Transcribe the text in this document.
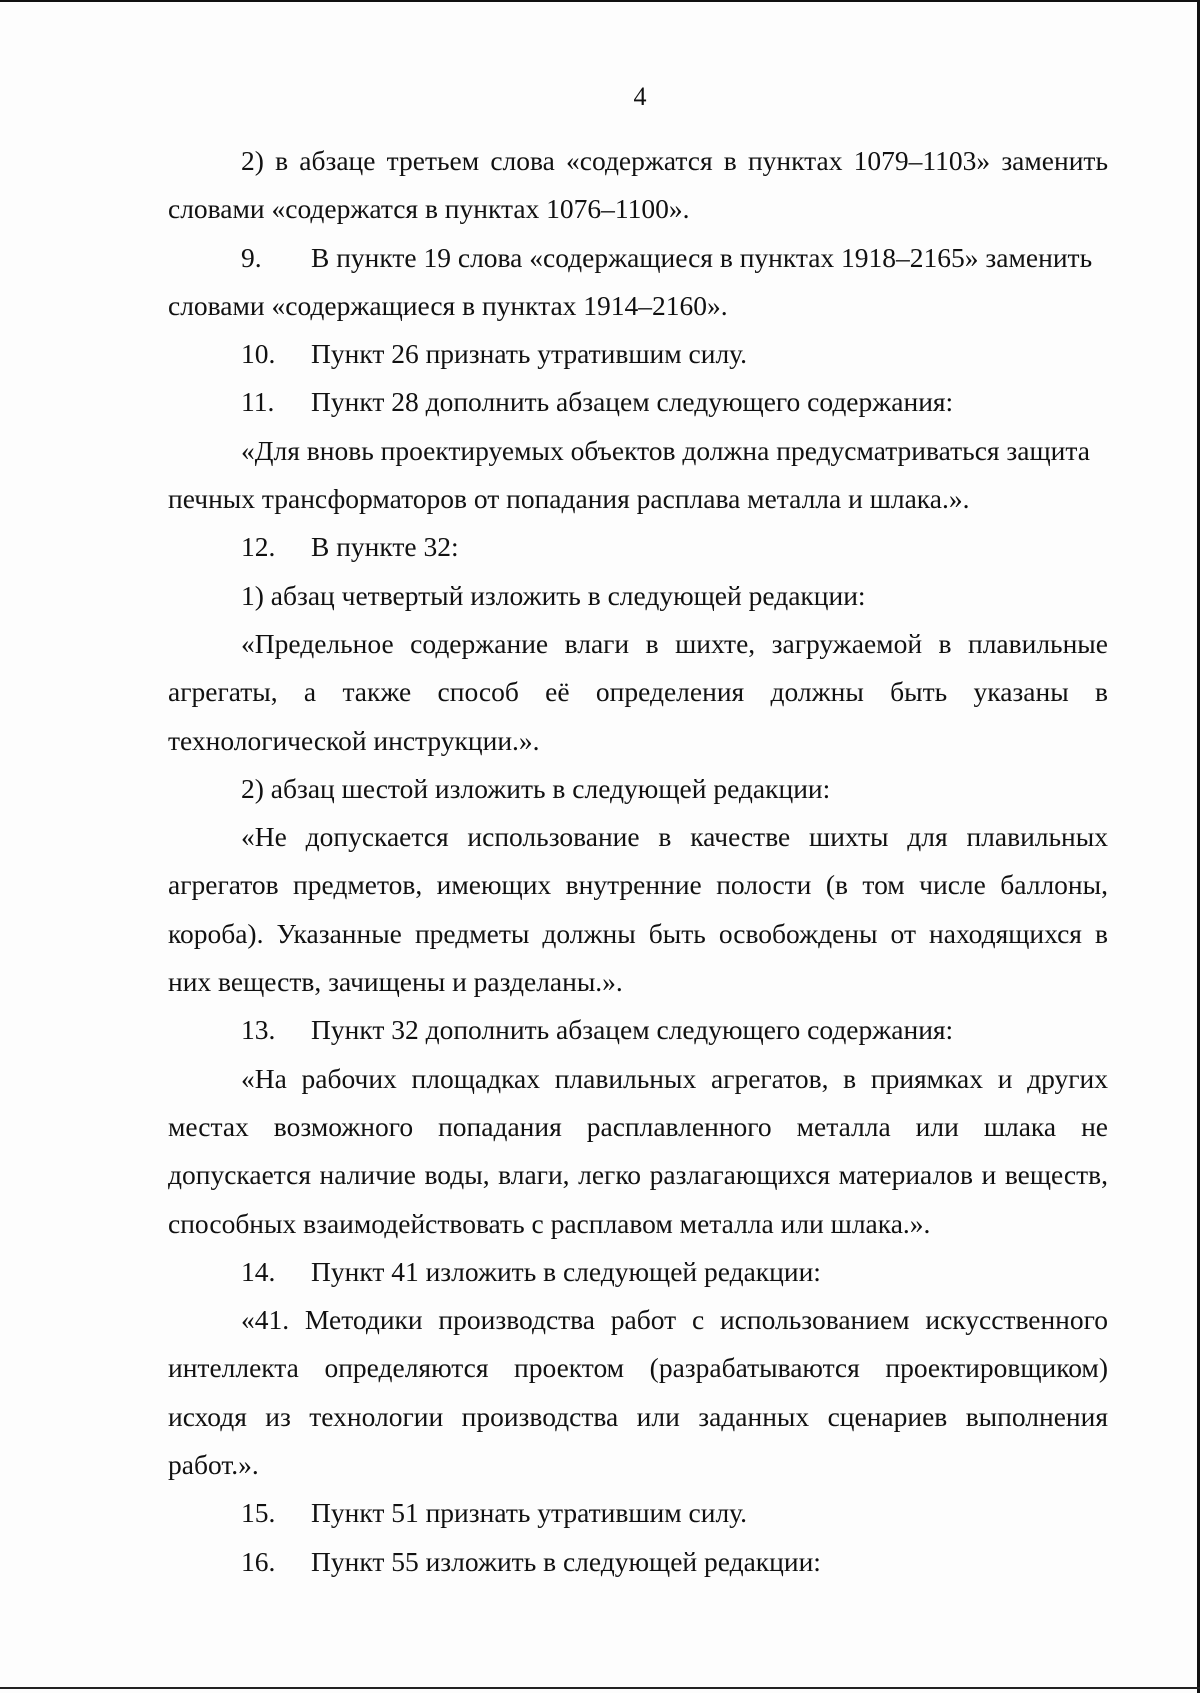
4

2) в абзаце третьем слова «содержатся в пунктах 1079–1103» заменить словами «содержатся в пунктах 1076–1100».

9.	В пункте 19 слова «содержащиеся в пунктах 1918–2165» заменить

словами «содержащиеся в пунктах 1914–2160».

10.	Пункт 26 признать утратившим силу.
11.	Пункт 28 дополнить абзацем следующего содержания:

«Для вновь проектируемых объектов должна предусматриваться защита печных трансформаторов от попадания расплава металла и шлака.».

12.	В пункте 32:

1) абзац четвертый изложить в следующей редакции:

«Предельное содержание влаги в шихте, загружаемой в плавильные агрегаты, а также способ её определения должны быть указаны в технологической инструкции.».

2) абзац шестой изложить в следующей редакции:

«Не допускается использование в качестве шихты для плавильных агрегатов предметов, имеющих внутренние полости (в том числе баллоны, короба). Указанные предметы должны быть освобождены от находящихся в них веществ, зачищены и разделаны.».

13.	Пункт 32 дополнить абзацем следующего содержания:

«На рабочих площадках плавильных агрегатов, в приямках и других местах возможного попадания расплавленного металла или шлака не допускается наличие воды, влаги, легко разлагающихся материалов и веществ, способных взаимодействовать с расплавом металла или шлака.».

14.	Пункт 41 изложить в следующей редакции:

«41. Методики производства работ с использованием искусственного интеллекта определяются проектом (разрабатываются проектировщиком) исходя из технологии производства или заданных сценариев выполнения работ.».

15.	Пункт 51 признать утратившим силу.
16.	Пункт 55 изложить в следующей редакции:
